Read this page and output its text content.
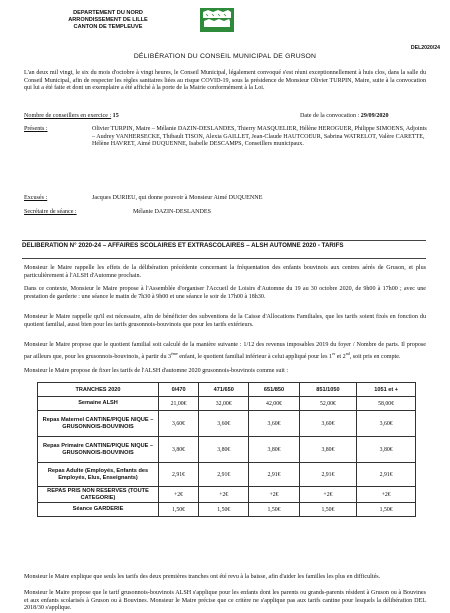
DEPARTEMENT DU NORD
ARRONDISSEMENT DE LILLE
CANTON DE TEMPLEUVE
DEL2020/24
DÉLIBÉRATION DU CONSEIL MUNICIPAL DE GRUSON

L'an deux mil vingt, le six du mois d'octobre à vingt heures, le Conseil Municipal, légalement convoqué s'est réuni exceptionnellement à huis clos, dans la salle du Conseil Municipal, afin de respecter les règles sanitaires liées au risque COVID-19, sous la présidence de Monsieur Olivier TURPIN, Maire, suite à la convocation qui lui a été faite et dont un exemplaire a été affiché à la porte de la Mairie conformément à la Loi.

Nombre de conseillers en exercice : 15	Date de la convocation : 29/09/2020
Présents :	Olivier TURPIN, Maire – Mélanie DAZIN-DESLANDES, Thierry MASQUELIER, Hélène HEROGUER, Philippe SIMOENS, Adjoints – Audrey VANHERSECKE, Thibault TISON, Alexia GAILLET, Jean-Claude HAUTCOEUR, Sabrina WATRELOT, Valère CARETTE, Hélène HAVRET, Aimé DUQUENNE, Isabelle DESCAMPS, Conseillers municipaux.

Excusés :	Jacques DURIEU, qui donne pouvoir à Monsieur Aimé DUQUENNE

Secrétaire de séance :	Mélanie DAZIN-DESLANDES

DELIBERATION N° 2020-24 – AFFAIRES SCOLAIRES ET EXTRASCOLAIRES – ALSH AUTOMNE 2020 - TARIFS

Monsieur le Maire rappelle les effets de la délibération précédente concernant la fréquentation des enfants bouvinois aux centres aérés de Gruson, et plus particulièrement à l'ALSH d'Automne prochain.

Dans ce contexte, Monsieur le Maire propose à l'Assemblée d'organiser l'Accueil de Loisirs d'Automne du 19 au 30 octobre 2020, de 9h00 à 17h00 ; avec une prestation de garderie : une séance le matin de 7h30 à 9h00 et une séance le soir de 17h00 à 18h30.

Monsieur le Maire rappelle qu'il est nécessaire, afin de bénéficier des subventions de la Caisse d'Allocations Familiales, que les tarifs soient fixés en fonction du quotient familial, aussi bien pour les tarifs grusonnois-bouvinois que pour les tarifs extérieurs.

Monsieur le Maire propose que le quotient familial soit calculé de la manière suivante : 1/12 des revenus imposables 2019 du foyer / Nombre de parts. Il propose par ailleurs que, pour les grusonnois-bouvinois, à partir du 3ème enfant, le quotient familial inférieur à celui appliqué pour les 1er et 2nd, soit pris en compte.

Monsieur le Maire propose de fixer les tarifs de l'ALSH d'automne 2020 grusonnois-bouvinois comme suit :

TRANCHES 2020	0/470	471/650	651/850	851/1050	1051 et +
Semaine ALSH	21,00€	32,00€	42,00€	52,00€	58,00€
Repas Maternel CANTINE/PIQUE NIQUE – GRUSONNOIS-BOUVINOIS	3,60€	3,60€	3,60€	3,60€	3,60€
Repas Primaire CANTINE/PIQUE NIQUE – GRUSONNOIS-BOUVINOIS	3,80€	3,80€	3,80€	3,80€	3,80€
Repas Adulte (Employés, Enfants des Employés, Elus, Enseignants)	2,91€	2,91€	2,91€	2,91€	2,91€
REPAS PRIS NON RESERVES (TOUTE CATEGORIE)	+2€	+2€	+2€	+2€	+2€
Séance GARDERIE	1,50€	1,50€	1,50€	1,50€	1,50€

Monsieur le Maire explique que seuls les tarifs des deux premières tranches ont été revu à la baisse, afin d'aider les familles les plus en difficultés.

Monsieur le Maire propose que le tarif grusonnois-bouvinois ALSH s'applique pour les enfants dont les parents ou grands-parents résident à Gruson ou à Bouvines et aux enfants scolarisés à Gruson ou à Bouvines. Monsieur le Maire précise que ce critère ne s'applique pas aux tarifs cantine pour lesquels la délibération DEL 2018/30 s'applique.
